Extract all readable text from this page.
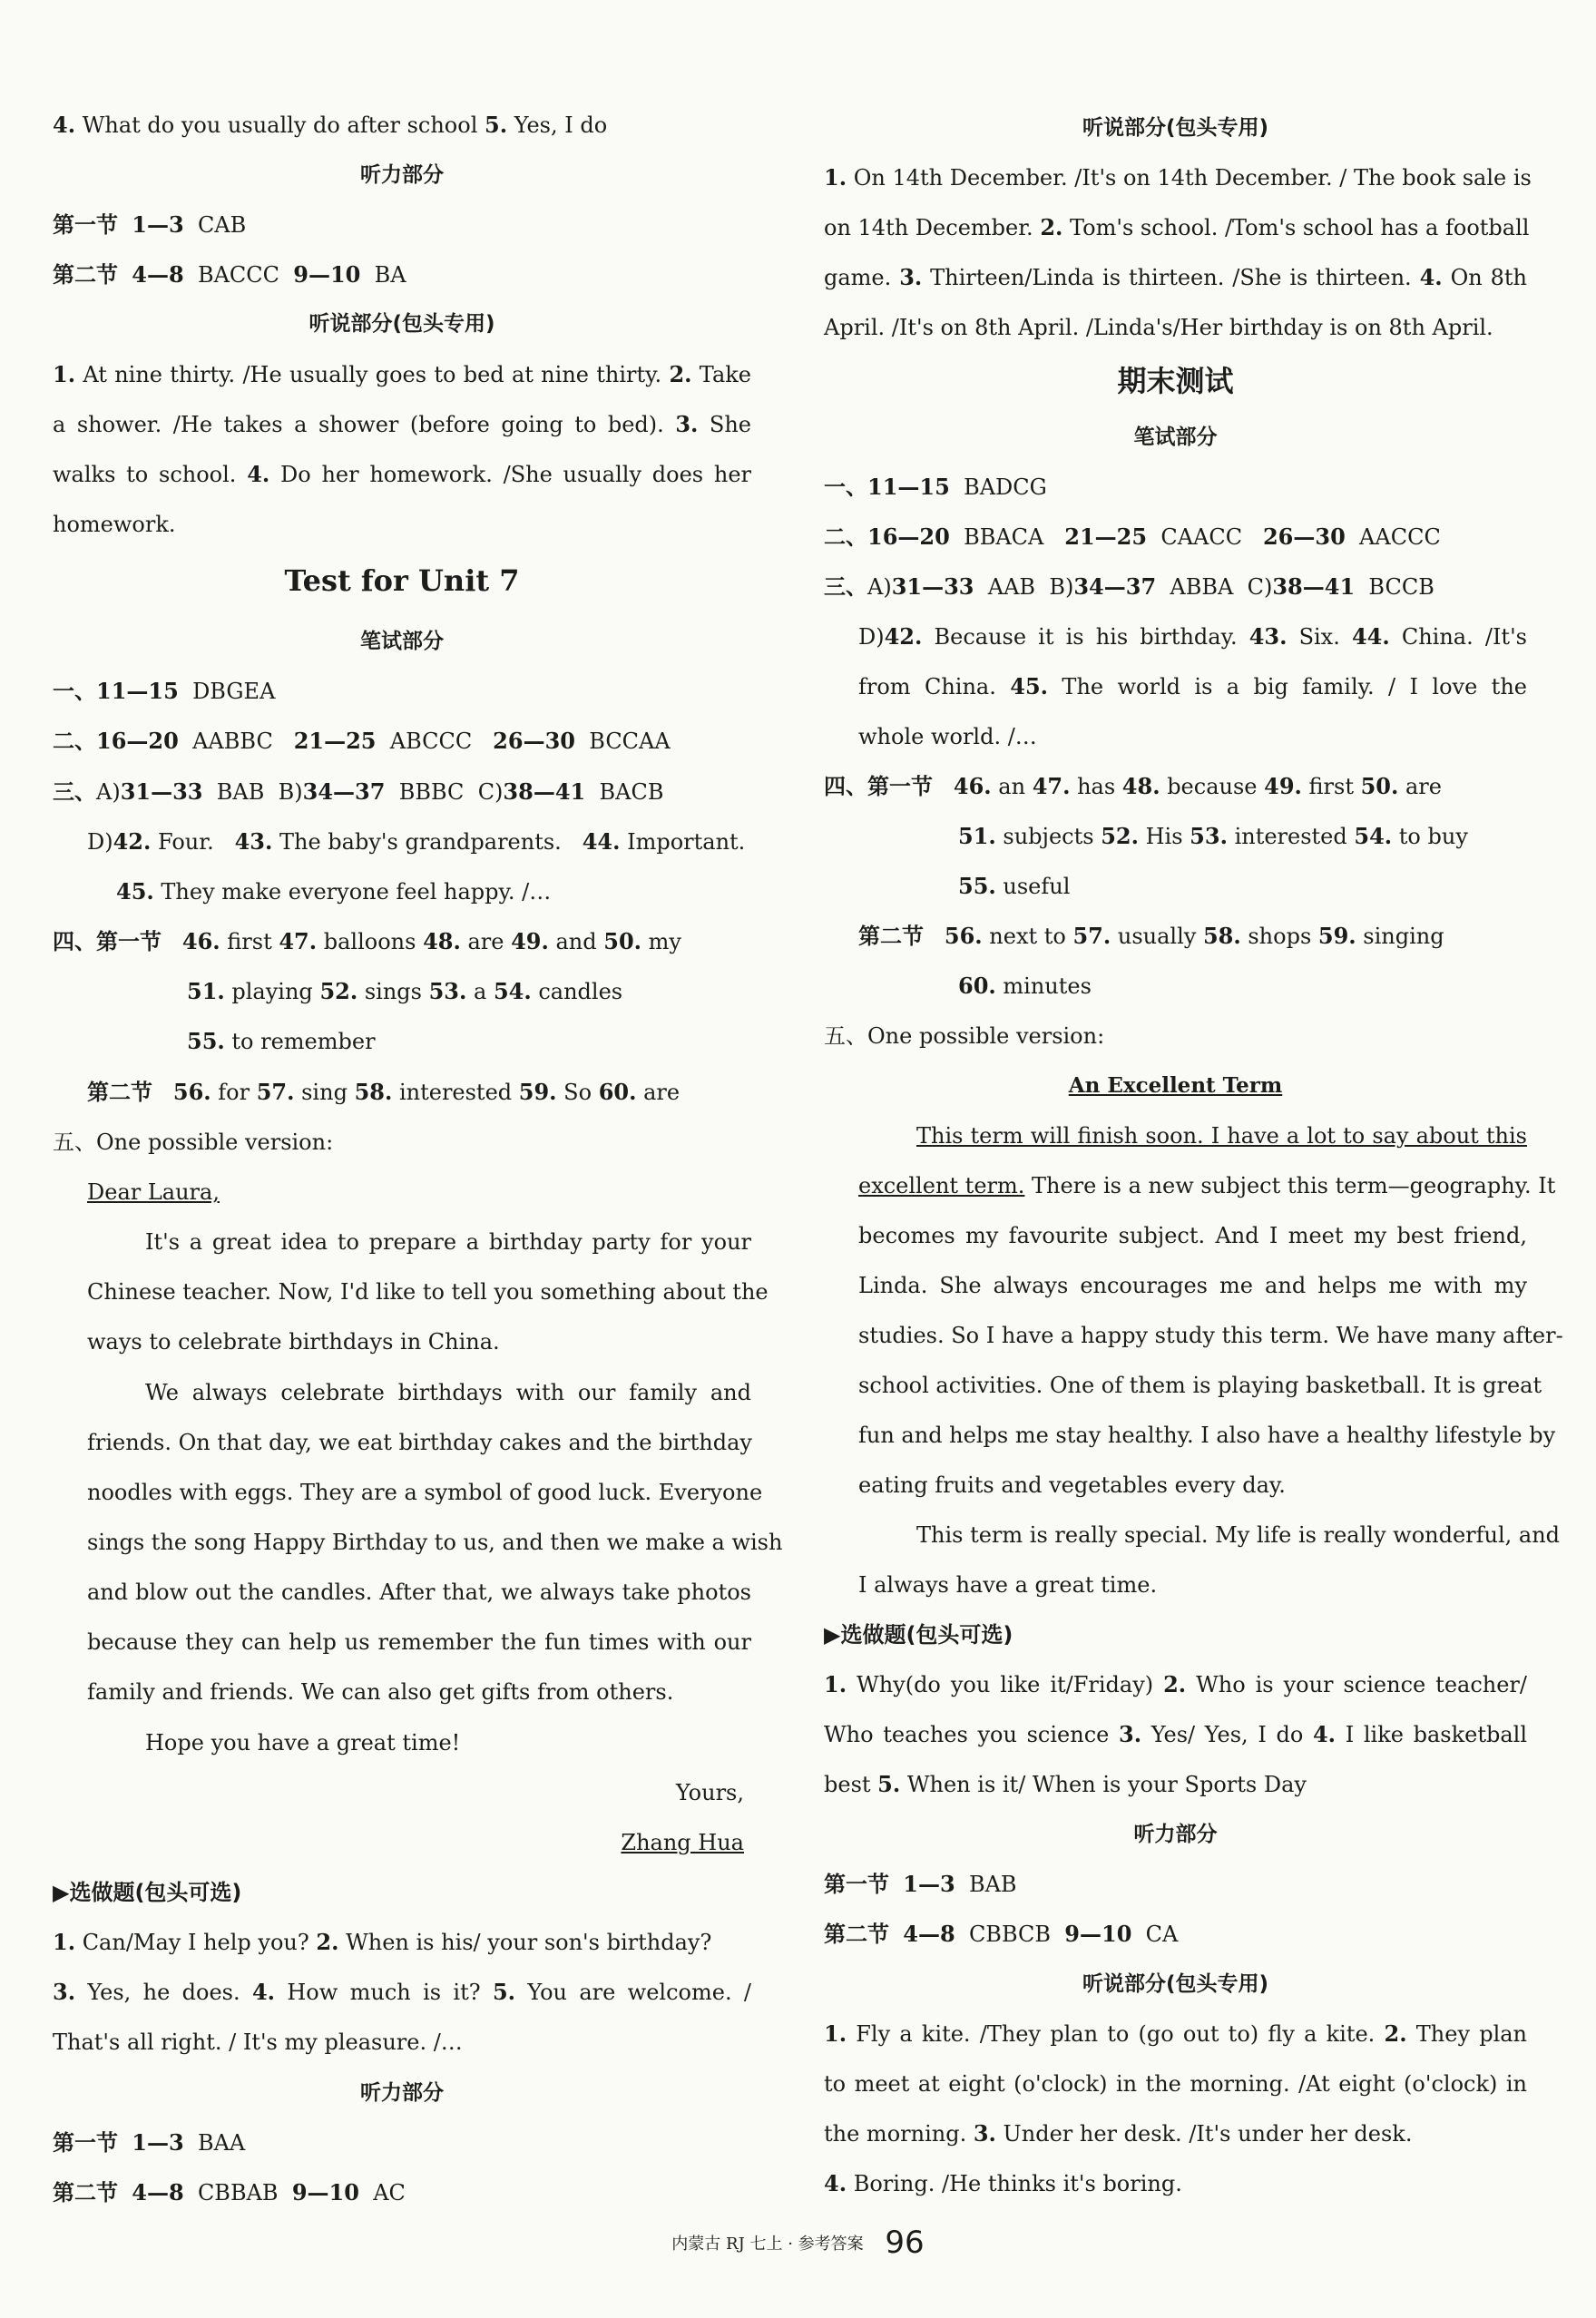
4. What do you usually do after school 5. Yes, I do
听力部分
第一节 1—3 CAB
第二节 4—8 BACCC 9—10 BA
听说部分(包头专用)
1. At nine thirty. /He usually goes to bed at nine thirty. 2. Take
a shower. /He takes a shower (before going to bed). 3. She
walks to school. 4. Do her homework. /She usually does her
homework.
Test for Unit 7
笔试部分
一、11—15 DBGEA
二、16—20 AABBC 21—25 ABCCC 26—30 BCCAA
三、A)31—33 BAB B)34—37 BBBC C)38—41 BACB
D)42. Four.   43. The baby's grandparents.   44. Important.
45. They make everyone feel happy. /…
四、第一节 46. first 47. balloons 48. are 49. and 50. my
51. playing 52. sings 53. a 54. candles
55. to remember
第二节 56. for 57. sing 58. interested 59. So 60. are
五、One possible version:
Dear Laura,
It's a great idea to prepare a birthday party for your
Chinese teacher. Now, I'd like to tell you something about the
ways to celebrate birthdays in China.
We always celebrate birthdays with our family and
friends. On that day, we eat birthday cakes and the birthday
noodles with eggs. They are a symbol of good luck. Everyone
sings the song Happy Birthday to us, and then we make a wish
and blow out the candles. After that, we always take photos
because they can help us remember the fun times with our
family and friends. We can also get gifts from others.
Hope you have a great time!
Yours,
Zhang Hua
▶选做题(包头可选)
1. Can/May I help you? 2. When is his/ your son's birthday?
3. Yes, he does. 4. How much is it? 5. You are welcome. /
That's all right. / It's my pleasure. /…
听力部分
第一节 1—3 BAA
第二节 4—8 CBBAB 9—10 AC
听说部分(包头专用)
1. On 14th December. /It's on 14th December. / The book sale is
on 14th December. 2. Tom's school. /Tom's school has a football
game. 3. Thirteen/Linda is thirteen. /She is thirteen. 4. On 8th
April. /It's on 8th April. /Linda's/Her birthday is on 8th April.
期末测试
笔试部分
一、11—15 BADCG
二、16—20 BBACA 21—25 CAACC 26—30 AACCC
三、A)31—33 AAB B)34—37 ABBA C)38—41 BCCB
D)42. Because it is his birthday. 43. Six. 44. China. /It's
from China. 45. The world is a big family. / I love the
whole world. /…
四、第一节 46. an 47. has 48. because 49. first 50. are
51. subjects 52. His 53. interested 54. to buy
55. useful
第二节 56. next to 57. usually 58. shops 59. singing
60. minutes
五、One possible version:
An Excellent Term
This term will finish soon. I have a lot to say about this
excellent term. There is a new subject this term—geography. It
becomes my favourite subject. And I meet my best friend,
Linda. She always encourages me and helps me with my
studies. So I have a happy study this term. We have many after-
school activities. One of them is playing basketball. It is great
fun and helps me stay healthy. I also have a healthy lifestyle by
eating fruits and vegetables every day.
This term is really special. My life is really wonderful, and
I always have a great time.
▶选做题(包头可选)
1. Why(do you like it/Friday) 2. Who is your science teacher/
Who teaches you science 3. Yes/ Yes, I do 4. I like basketball
best 5. When is it/ When is your Sports Day
听力部分
第一节 1—3 BAB
第二节 4—8 CBBCB 9—10 CA
听说部分(包头专用)
1. Fly a kite. /They plan to (go out to) fly a kite. 2. They plan
to meet at eight (o'clock) in the morning. /At eight (o'clock) in
the morning. 3. Under her desk. /It's under her desk.
4. Boring. /He thinks it's boring.
内蒙古 RJ 七上 · 参考答案 96
